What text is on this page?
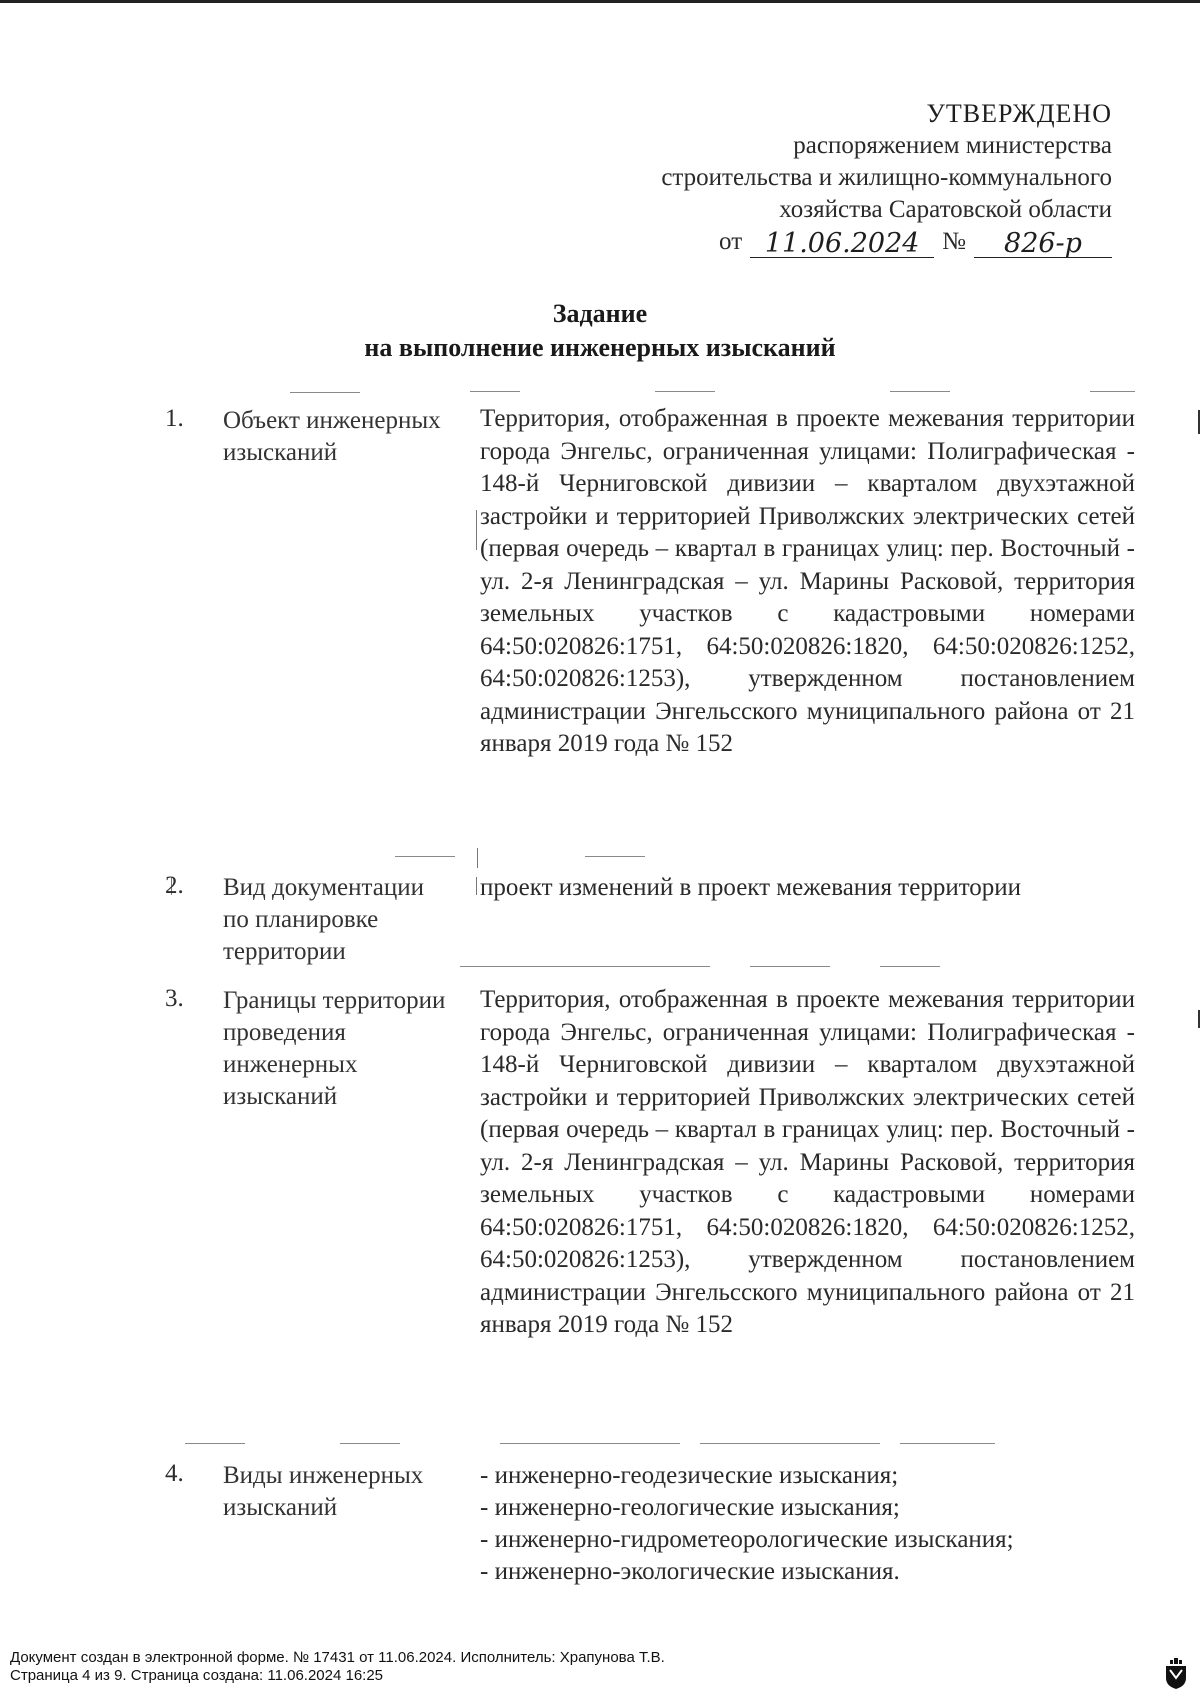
УТВЕРЖДЕНО
распоряжением министерства
строительства и жилищно-коммунального
хозяйства Саратовской области
от 11.06.2024 №	826-р
Задание
на выполнение инженерных изысканий
1. Объект инженерных изысканий
Территория, отображенная в проекте межевания территории города Энгельс, ограниченная улицами: Полиграфическая - 148-й Черниговской дивизии – кварталом двухэтажной застройки и территорией Приволжских электрических сетей (первая очередь – квартал в границах улиц: пер. Восточный - ул. 2-я Ленинградская – ул. Марины Расковой, территория земельных участков с кадастровыми номерами 64:50:020826:1751, 64:50:020826:1820, 64:50:020826:1252, 64:50:020826:1253), утвержденном постановлением администрации Энгельсского муниципального района от 21 января 2019 года № 152
2. Вид документации по планировке территории
проект изменений в проект межевания территории
3. Границы территории проведения инженерных изысканий
Территория, отображенная в проекте межевания территории города Энгельс, ограниченная улицами: Полиграфическая - 148-й Черниговской дивизии – кварталом двухэтажной застройки и территорией Приволжских электрических сетей (первая очередь – квартал в границах улиц: пер. Восточный - ул. 2-я Ленинградская – ул. Марины Расковой, территория земельных участков с кадастровыми номерами 64:50:020826:1751, 64:50:020826:1820, 64:50:020826:1252, 64:50:020826:1253), утвержденном постановлением администрации Энгельсского муниципального района от 21 января 2019 года № 152
4. Виды инженерных изысканий
- инженерно-геодезические изыскания;
- инженерно-геологические изыскания;
- инженерно-гидрометеорологические изыскания;
- инженерно-экологические изыскания.
Документ создан в электронной форме. № 17431 от 11.06.2024. Исполнитель: Храпунова Т.В.
Страница 4 из 9. Страница создана: 11.06.2024 16:25
